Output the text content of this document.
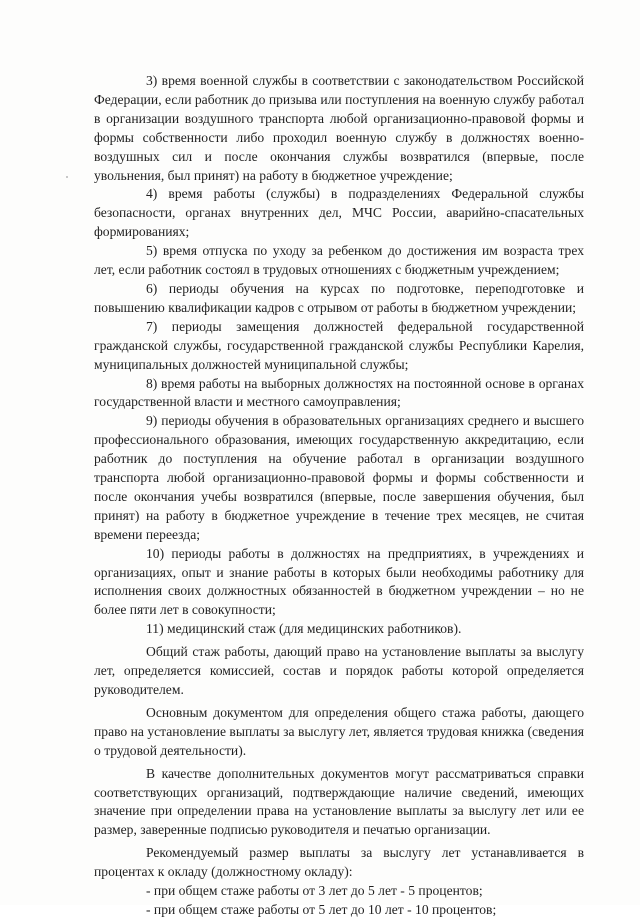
3) время военной службы в соответствии с законодательством Российской Федерации, если работник до призыва или поступления на военную службу работал в организации воздушного транспорта любой организационно-правовой формы и формы собственности либо проходил военную службу в должностях военно-воздушных сил и после окончания службы возвратился (впервые, после увольнения, был принят) на работу в бюджетное учреждение;

4) время работы (службы) в подразделениях Федеральной службы безопасности, органах внутренних дел, МЧС России, аварийно-спасательных формированиях;

5) время отпуска по уходу за ребенком до достижения им возраста трех лет, если работник состоял в трудовых отношениях с бюджетным учреждением;

6) периоды обучения на курсах по подготовке, переподготовке и повышению квалификации кадров с отрывом от работы в бюджетном учреждении;

7) периоды замещения должностей федеральной государственной гражданской службы, государственной гражданской службы Республики Карелия, муниципальных должностей муниципальной службы;

8) время работы на выборных должностях на постоянной основе в органах государственной власти и местного самоуправления;

9) периоды обучения в образовательных организациях среднего и высшего профессионального образования, имеющих государственную аккредитацию, если работник до поступления на обучение работал в организации воздушного транспорта любой организационно-правовой формы и формы собственности и после окончания учебы возвратился (впервые, после завершения обучения, был принят) на работу в бюджетное учреждение в течение трех месяцев, не считая времени переезда;

10) периоды работы в должностях на предприятиях, в учреждениях и организациях, опыт и знание работы в которых были необходимы работнику для исполнения своих должностных обязанностей в бюджетном учреждении – но не более пяти лет в совокупности;

11) медицинский стаж (для медицинских работников).

Общий стаж работы, дающий право на установление выплаты за выслугу лет, определяется комиссией, состав и порядок работы которой определяется руководителем.

Основным документом для определения общего стажа работы, дающего право на установление выплаты за выслугу лет, является трудовая книжка (сведения о трудовой деятельности).

В качестве дополнительных документов могут рассматриваться справки соответствующих организаций, подтверждающие наличие сведений, имеющих значение при определении права на установление выплаты за выслугу лет или ее размер, заверенные подписью руководителя и печатью организации.

Рекомендуемый размер выплаты за выслугу лет устанавливается в процентах к окладу (должностному окладу):

- при общем стаже работы от 3 лет до 5 лет - 5 процентов;

- при общем стаже работы от 5 лет до 10 лет - 10 процентов;
